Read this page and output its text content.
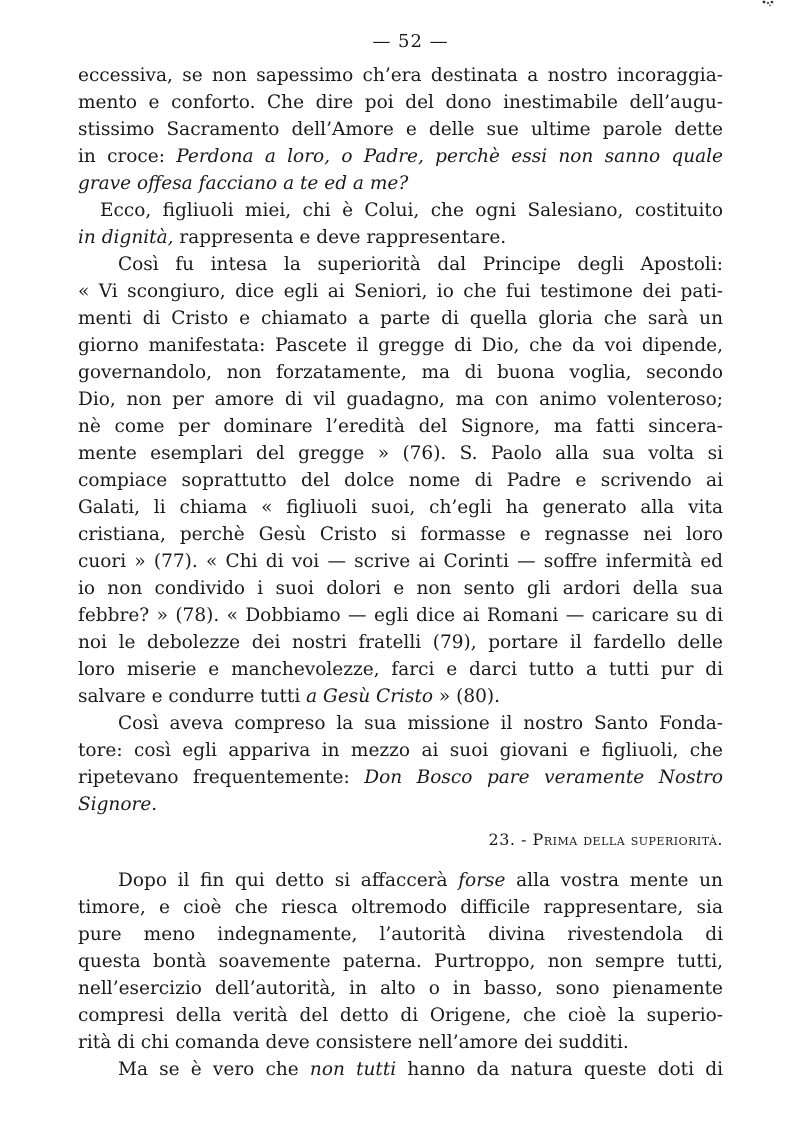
— 52 —
eccessiva, se non sapessimo ch’era destinata a nostro incoraggia-
mento e conforto. Che dire poi del dono inestimabile dell’augu-
stissimo Sacramento dell’Amore e delle sue ultime parole dette
in croce: Perdona a loro, o Padre, perchè essi non sanno quale
grave offesa facciano a te ed a me?
Ecco, figliuoli miei, chi è Colui, che ogni Salesiano, costituito
in dignità, rappresenta e deve rappresentare.
Così fu intesa la superiorità dal Principe degli Apostoli:
« Vi scongiuro, dice egli ai Seniori, io che fui testimone dei pati-
menti di Cristo e chiamato a parte di quella gloria che sarà un
giorno manifestata: Pascete il gregge di Dio, che da voi dipende,
governandolo, non forzatamente, ma di buona voglia, secondo
Dio, non per amore di vil guadagno, ma con animo volenteroso;
nè come per dominare l’eredità del Signore, ma fatti sincera-
mente esemplari del gregge » (76). S. Paolo alla sua volta si
compiace soprattutto del dolce nome di Padre e scrivendo ai
Galati, li chiama « figliuoli suoi, ch’egli ha generato alla vita
cristiana, perchè Gesù Cristo si formasse e regnasse nei loro
cuori » (77). « Chi di voi — scrive ai Corinti — soffre infermità ed
io non condivido i suoi dolori e non sento gli ardori della sua
febbre? » (78). « Dobbiamo — egli dice ai Romani — caricare su di
noi le debolezze dei nostri fratelli (79), portare il fardello delle
loro miserie e manchevolezze, farci e darci tutto a tutti pur di
salvare e condurre tutti a Gesù Cristo » (80).
Così aveva compreso la sua missione il nostro Santo Fonda-
tore: così egli appariva in mezzo ai suoi giovani e figliuoli, che
ripetevano frequentemente: Don Bosco pare veramente Nostro
Signore.
23. - Prima della superiorità.
Dopo il fin qui detto si affaccerà forse alla vostra mente un
timore, e cioè che riesca oltremodo difficile rappresentare, sia
pure meno indegnamente, l’autorità divina rivestendola di
questa bontà soavemente paterna. Purtroppo, non sempre tutti,
nell’esercizio dell’autorità, in alto o in basso, sono pienamente
compresi della verità del detto di Origene, che cioè la superio-
rità di chi comanda deve consistere nell’amore dei sudditi.
Ma se è vero che non tutti hanno da natura queste doti di
